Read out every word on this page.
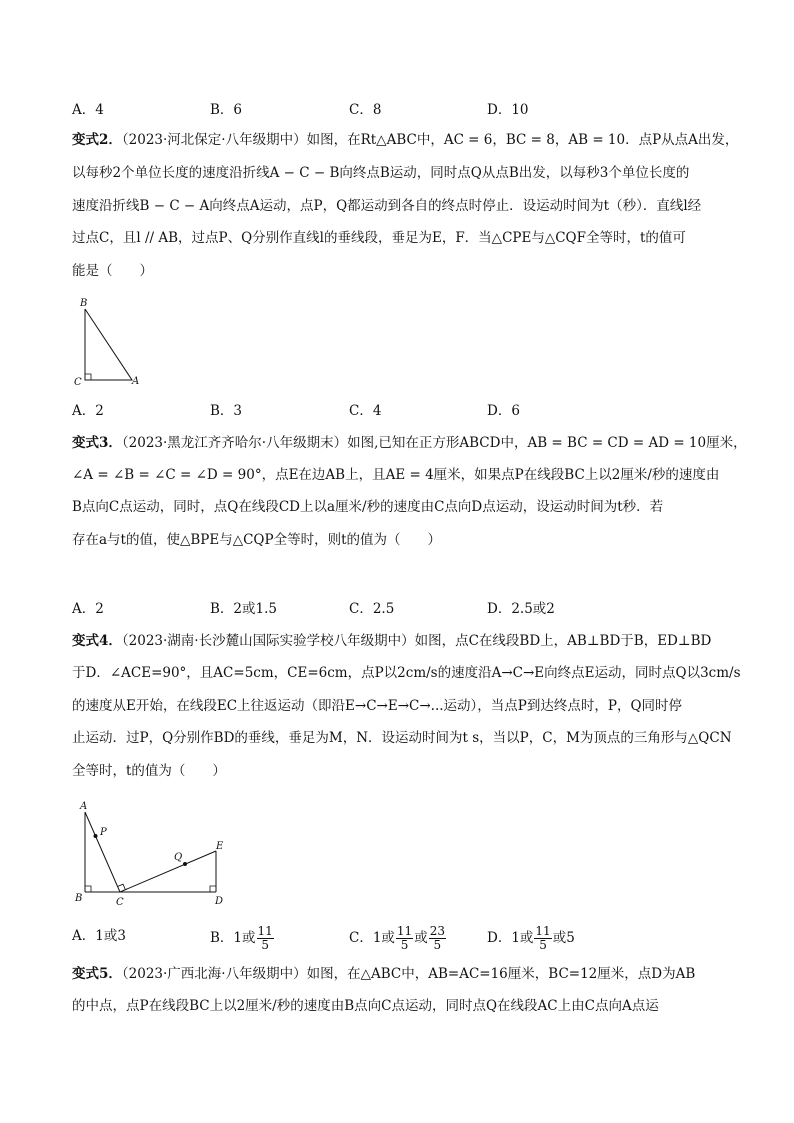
A．4	B．6	C．8	D．10
变式2．（2023·河北保定·八年级期中）如图，在Rt△ABC中，AC = 6，BC = 8，AB = 10．点P从点A出发，
以每秒2个单位长度的速度沿折线A − C − B向终点B运动，同时点Q从点B出发，以每秒3个单位长度的
速度沿折线B − C − A向终点A运动，点P，Q都运动到各自的终点时停止．设运动时间为t（秒）．直线l经
过点C，且l // AB，过点P、Q分别作直线l的垂线段，垂足为E，F．当△CPE与△CQF全等时，t的值可
能是（　　）
B
C	A
A．2	B．3	C．4	D．6
变式3．（2023·黑龙江齐齐哈尔·八年级期末）如图,已知在正方形ABCD中，AB = BC = CD = AD = 10厘米，
∠A = ∠B = ∠C = ∠D = 90°，点E在边AB上，且AE = 4厘米，如果点P在线段BC上以2厘米/秒的速度由
B点向C点运动，同时，点Q在线段CD上以a厘米/秒的速度由C点向D点运动，设运动时间为t秒．若
存在a与t的值，使△BPE与△CQP全等时，则t的值为（　　）
A．2	B．2或1.5	C．2.5	D．2.5或2
变式4．（2023·湖南·长沙麓山国际实验学校八年级期中）如图，点C在线段BD上，AB⊥BD于B，ED⊥BD
于D．∠ACE=90°，且AC=5cm，CE=6cm，点P以2cm/s的速度沿A→C→E向终点E运动，同时点Q以3cm/s
的速度从E开始，在线段EC上往返运动（即沿E→C→E→C→...运动），当点P到达终点时，P，Q同时停
止运动．过P，Q分别作BD的垂线，垂足为M，N．设运动时间为t s，当以P，C，M为顶点的三角形与△QCN
全等时，t的值为（　　）
A
P
Q
E
B	C	D
A．1或3	B．1或 $\frac{11}{5}$	C．1或 $\frac{11}{5}$ 或 $\frac{23}{5}$	D．1或 $\frac{11}{5}$ 或5
变式5．（2023·广西北海·八年级期中）如图，在△ABC中，AB=AC=16厘米，BC=12厘米，点D为AB
的中点，点P在线段BC上以2厘米/秒的速度由B点向C点运动，同时点Q在线段AC上由C点向A点运
